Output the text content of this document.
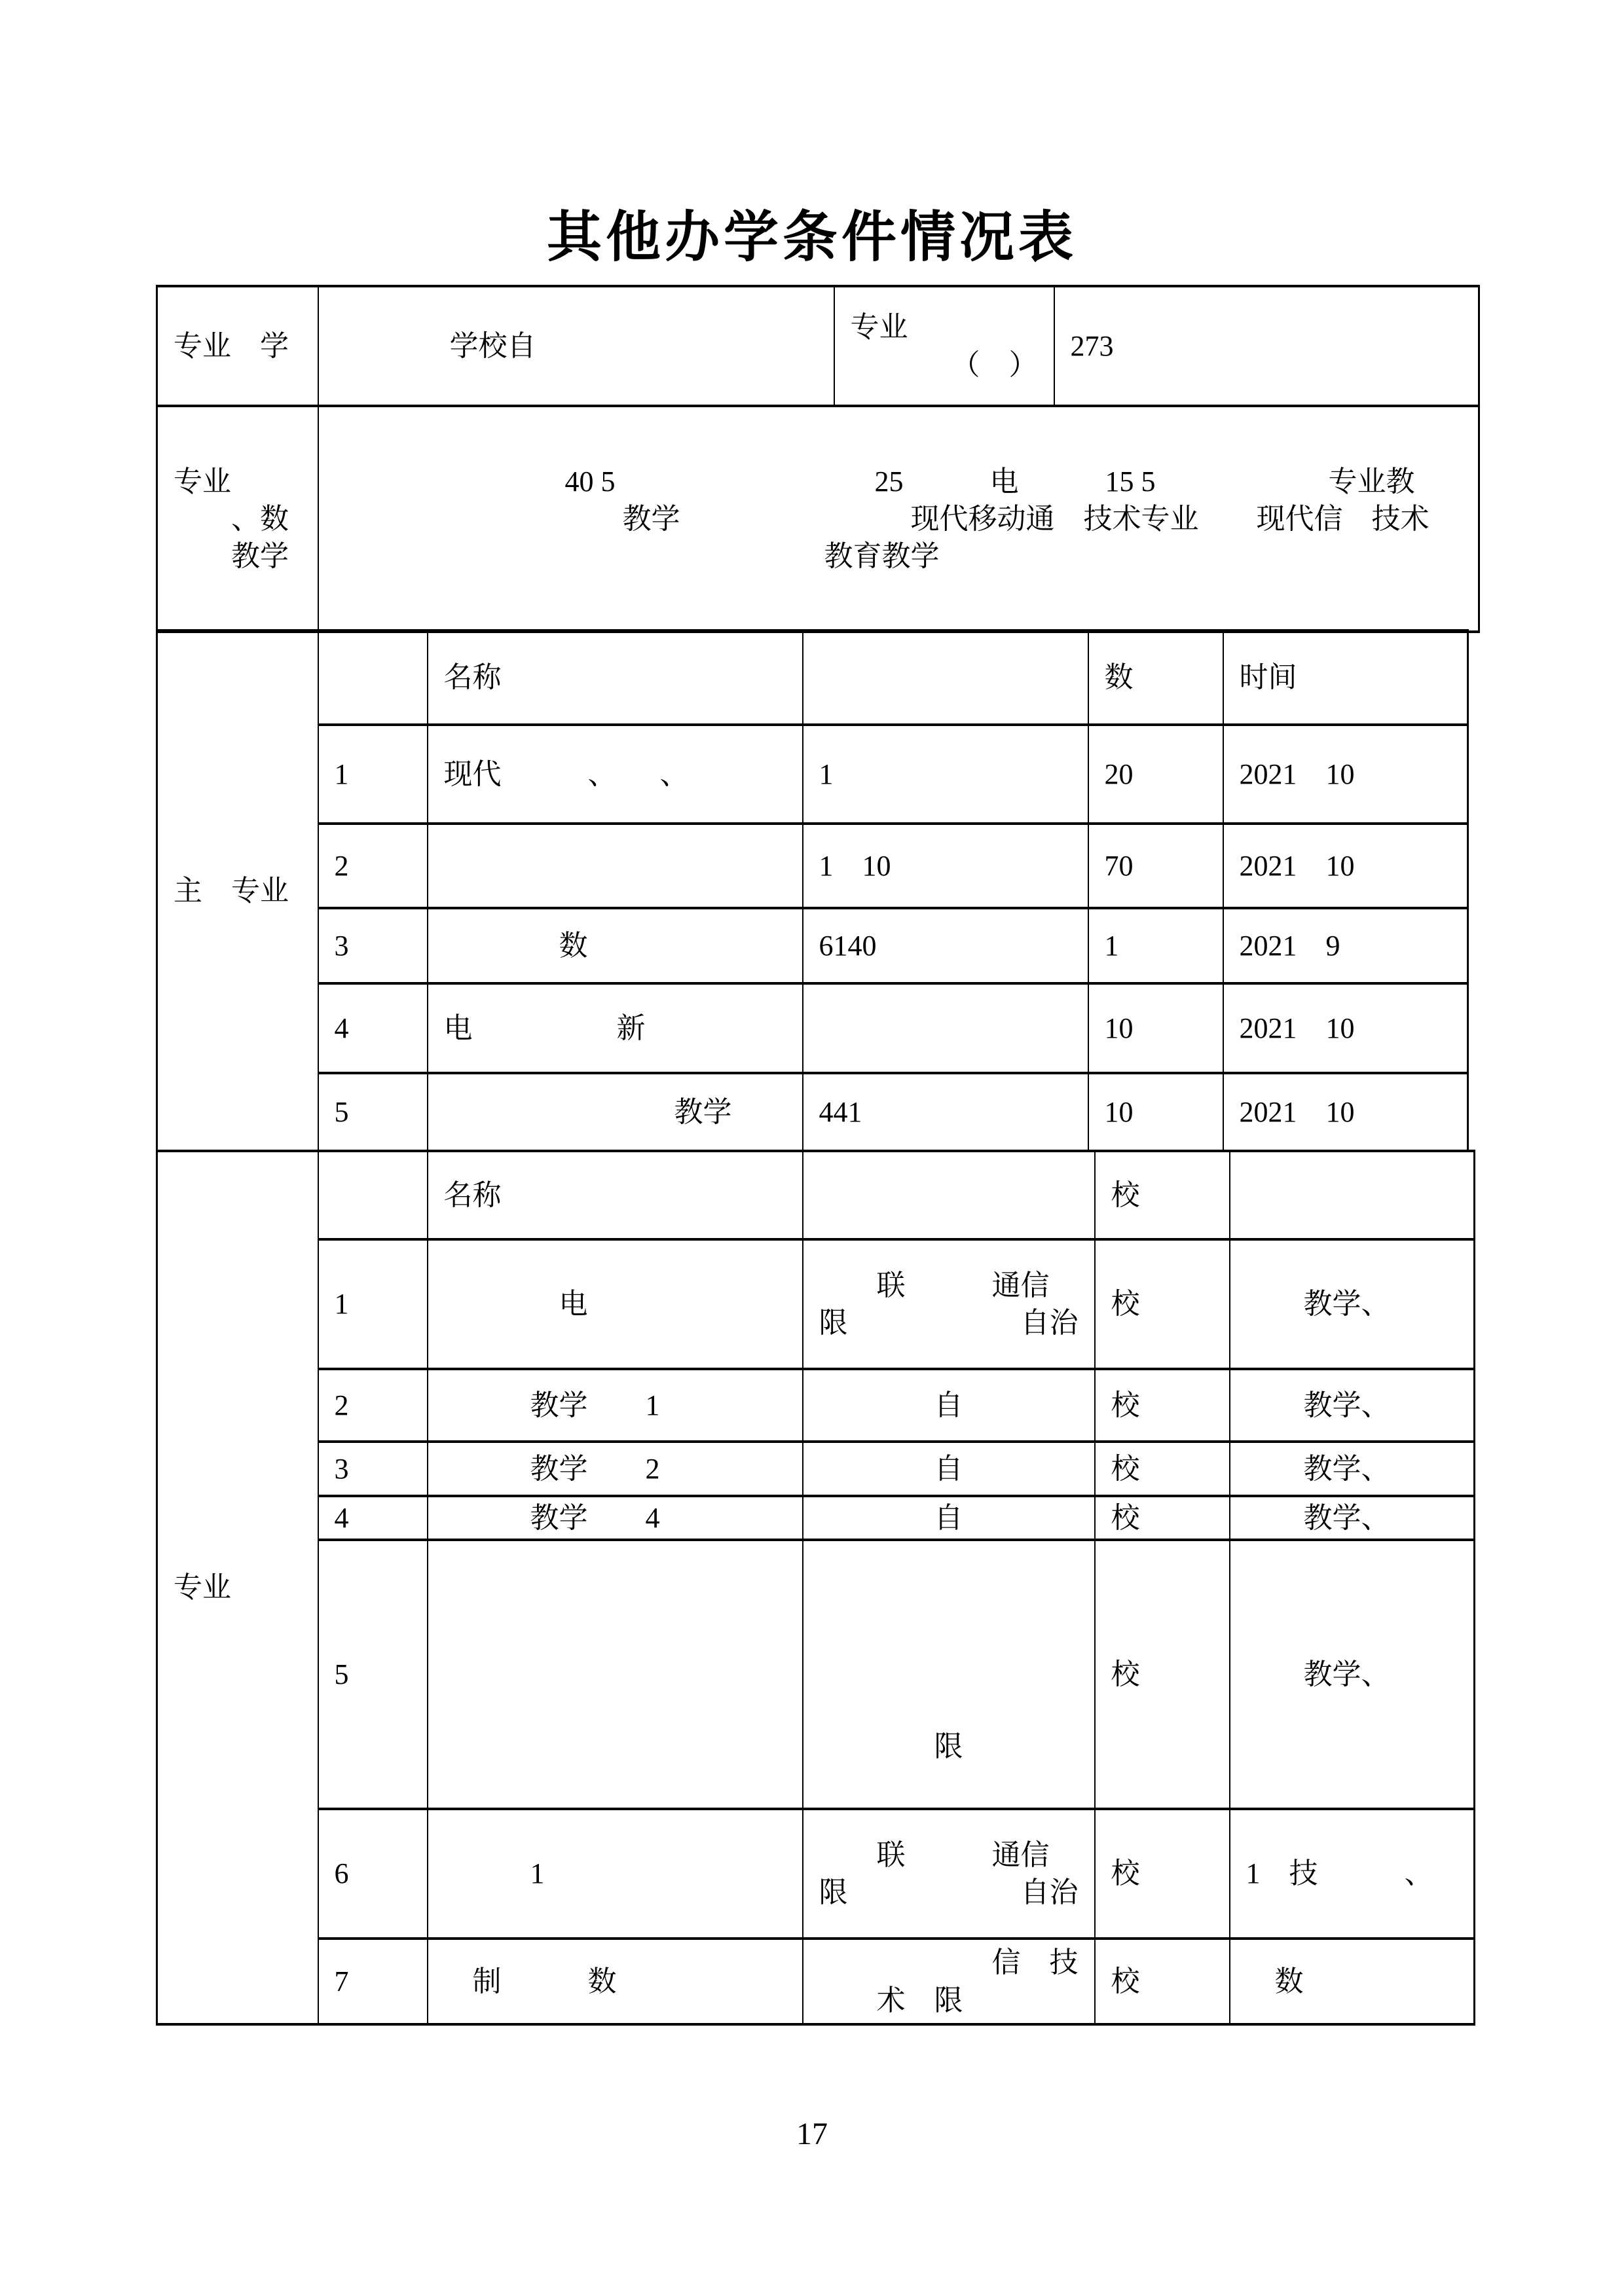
其他办学条件情况表
专业　学	　　　　学校自	专业
　　　　（　）	273

专业
　　、数
　　教学	　　　　　　　　40 5　　　　　　　　　25　　　电　　　15 5　　　　　　专业教
　　　　　　　　　　教学　　　　　　　　现代移动通　技术专业　　现代信　技术
　　　　　　　　　　　　　　　　　教育教学		
主　专业		名称		数	时间
	1	现代　　　、　　、	1　　	20	2021　10
	2		1　10　	70	2021　10
	3	　　　　数	6140　　	1	2021　9
	4	电　　　　　新		10	2021　10
	5	　　　　　　　　教学	441	10	2021　10
专业		名称		校	
	1	　　　　电	　　联　　　通信
限　　　　　　自治	校	　　教学、
	2	　　　教学　　1	　　　　自	校	　　教学、
	3	　　　教学　　2	　　　　自	校	　　教学、
	4	　　　教学　　4	　　　　自	校	　　教学、
	5		　　　　限	校	　　教学、
	6	　　　1	　　联　　　通信
限　　　　　　自治	校	1　技　　　、
	7	　制　　　数	　　　　　　信　技
　　术　限	校	　数
17
